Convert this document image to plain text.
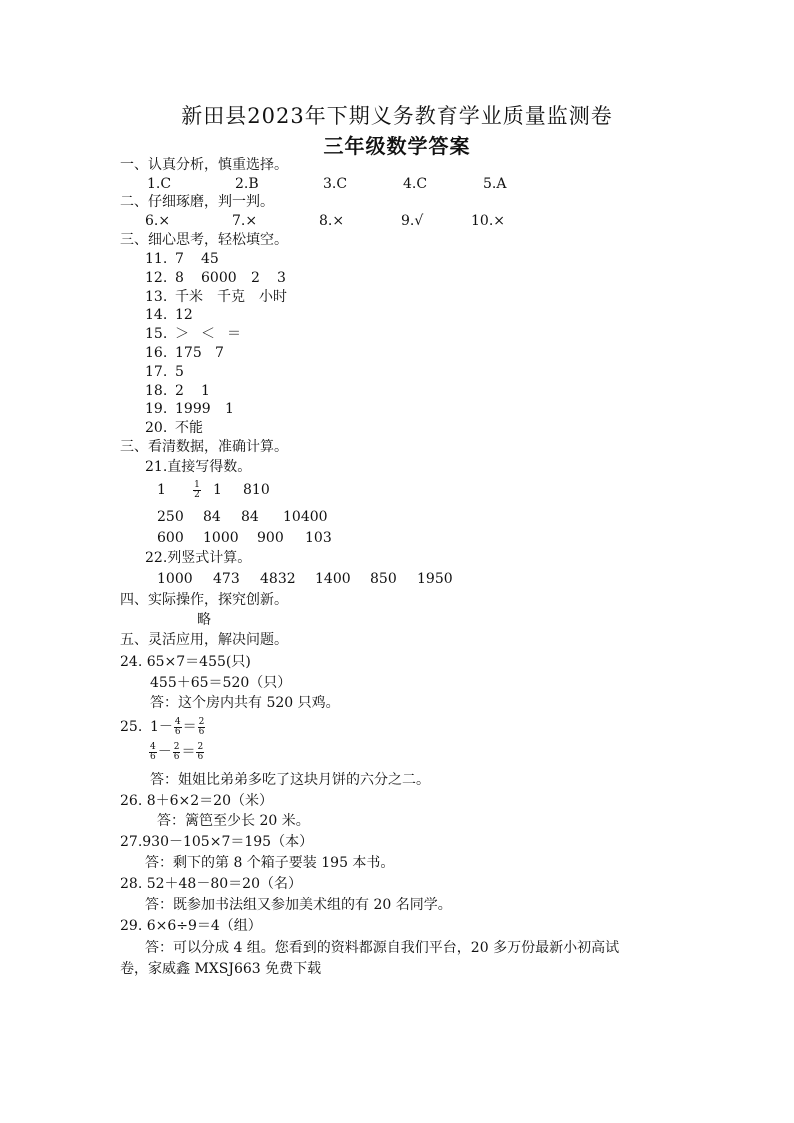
新田县2023年下期义务教育学业质量监测卷
三年级数学答案
一、认真分析，慎重选择。
1.C	2.B	3.C	4.C	5.A
二、仔细琢磨，判一判。
6.×	7.×	8.×	9.√	10.×
三、细心思考，轻松填空。
11. 7 45
12. 8 6000 2 3
13. 千米 千克 小时
14. 12
15. ＞ ＜ ＝
16. 175 7
17. 5
18. 2 1
19. 1999 1
20. 不能
三、看清数据，准确计算。
21.直接写得数。
$1 \frac{1}{2} 1$ 810
250 84 84 10400
600 1000 900 103
22.列竖式计算。
1000 473 4832 1400 850 1950
四、实际操作，探究创新。
略
五、灵活应用，解决问题。
24. 65×7＝455(只)
455＋65＝520（只）
答：这个房内共有 520 只鸡。
25. $1- \frac{4}{6} = \frac{2}{6}$
$\frac{4}{6} - \frac{2}{6} = \frac{2}{6}$
答：姐姐比弟弟多吃了这块月饼的六分之二。
26. 8＋6×2＝20（米）
答：篱笆至少长 20 米。
27.930－105×7＝195（本）
答：剩下的第 8 个箱子要装 195 本书。
28. 52＋48－80＝20（名）
答：既参加书法组又参加美术组的有 20 名同学。
29. 6×6÷9＝4（组）
答：可以分成 4 组。您看到的资料都源自我们平台，20 多万份最新小初高试
卷，家威鑫 MXSJ663 免费下载
